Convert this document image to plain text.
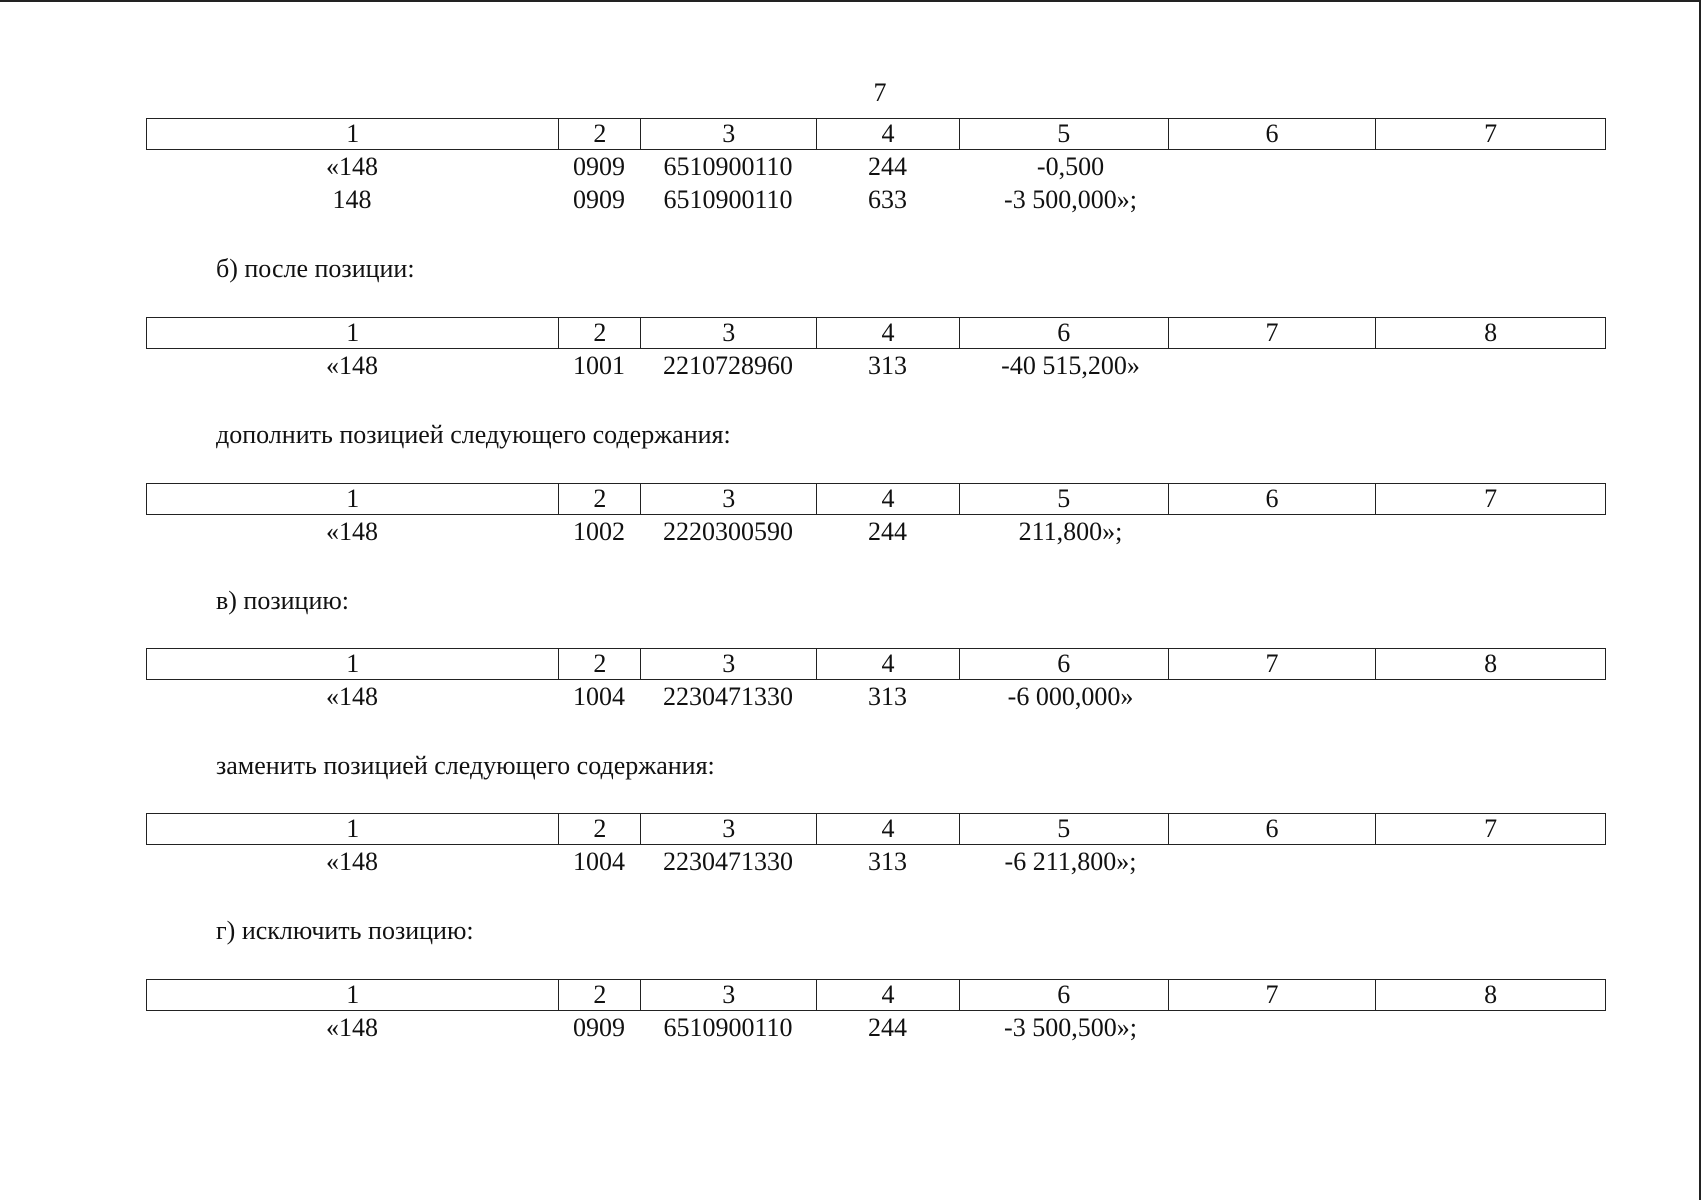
7
1	2	3	4	5	6	7
«148	0909	6510900110	244	-0,500
148	0909	6510900110	633	-3 500,000»;
б) после позиции:
1	2	3	4	6	7	8
«148	1001	2210728960	313	-40 515,200»
дополнить позицией следующего содержания:
1	2	3	4	5	6	7
«148	1002	2220300590	244	211,800»;
в) позицию:
1	2	3	4	6	7	8
«148	1004	2230471330	313	-6 000,000»
заменить позицией следующего содержания:
1	2	3	4	5	6	7
«148	1004	2230471330	313	-6 211,800»;
г) исключить позицию:
1	2	3	4	6	7	8
«148	0909	6510900110	244	-3 500,500»;
